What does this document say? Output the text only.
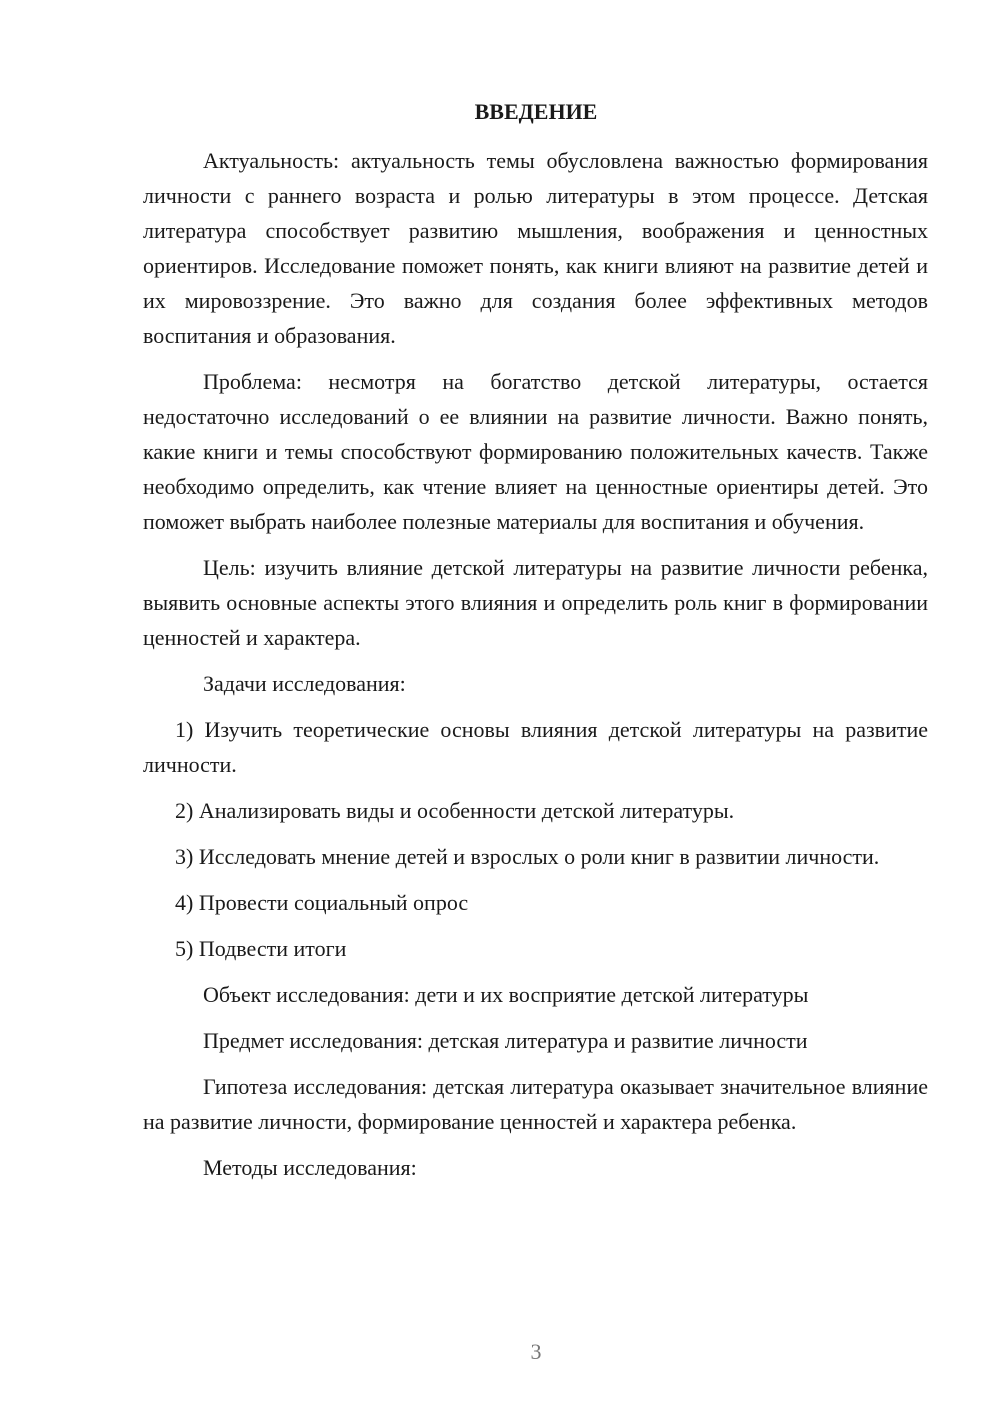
ВВЕДЕНИЕ

Актуальность: актуальность темы обусловлена важностью формирования личности с раннего возраста и ролью литературы в этом процессе. Детская литература способствует развитию мышления, воображения и ценностных ориентиров. Исследование поможет понять, как книги влияют на развитие детей и их мировоззрение. Это важно для создания более эффективных методов воспитания и образования.

Проблема: несмотря на богатство детской литературы, остается недостаточно исследований о ее влиянии на развитие личности. Важно понять, какие книги и темы способствуют формированию положительных качеств. Также необходимо определить, как чтение влияет на ценностные ориентиры детей. Это поможет выбрать наиболее полезные материалы для воспитания и обучения.

Цель: изучить влияние детской литературы на развитие личности ребенка, выявить основные аспекты этого влияния и определить роль книг в формировании ценностей и характера.

Задачи исследования:

1) Изучить теоретические основы влияния детской литературы на развитие личности.

2) Анализировать виды и особенности детской литературы.

3) Исследовать мнение детей и взрослых о роли книг в развитии личности.

4) Провести социальный опрос

5) Подвести итоги

Объект исследования: дети и их восприятие детской литературы

Предмет исследования: детская литература и развитие личности

Гипотеза исследования: детская литература оказывает значительное влияние на развитие личности, формирование ценностей и характера ребенка.

Методы исследования:

3
